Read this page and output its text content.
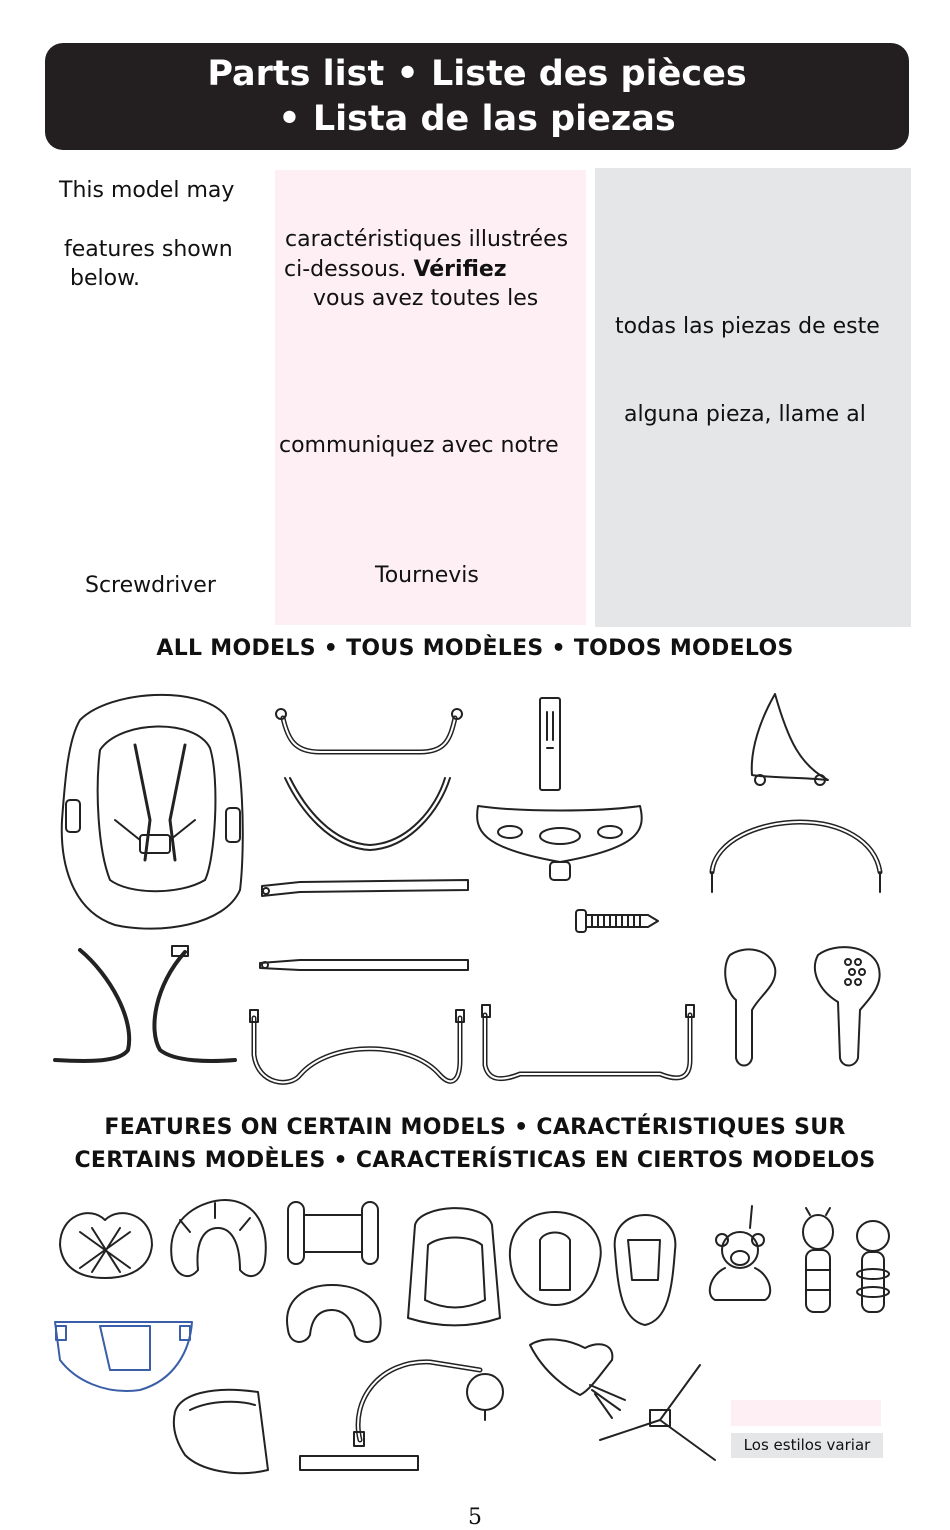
Parts list • Liste des pièces
• Lista de las piezas
This model may
features shown
below.
Screwdriver
caractéristiques illustrées
ci-dessous. Vérifiez
vous avez toutes les
communiquez avec notre
Tournevis
todas las piezas de este
alguna pieza, llame al
ALL MODELS • TOUS MODÈLES • TODOS MODELOS
FEATURES ON CERTAIN MODELS • CARACTÉRISTIQUES SUR
CERTAINS MODÈLES • CARACTERÍSTICAS EN CIERTOS MODELOS
Los estilos variar
5
